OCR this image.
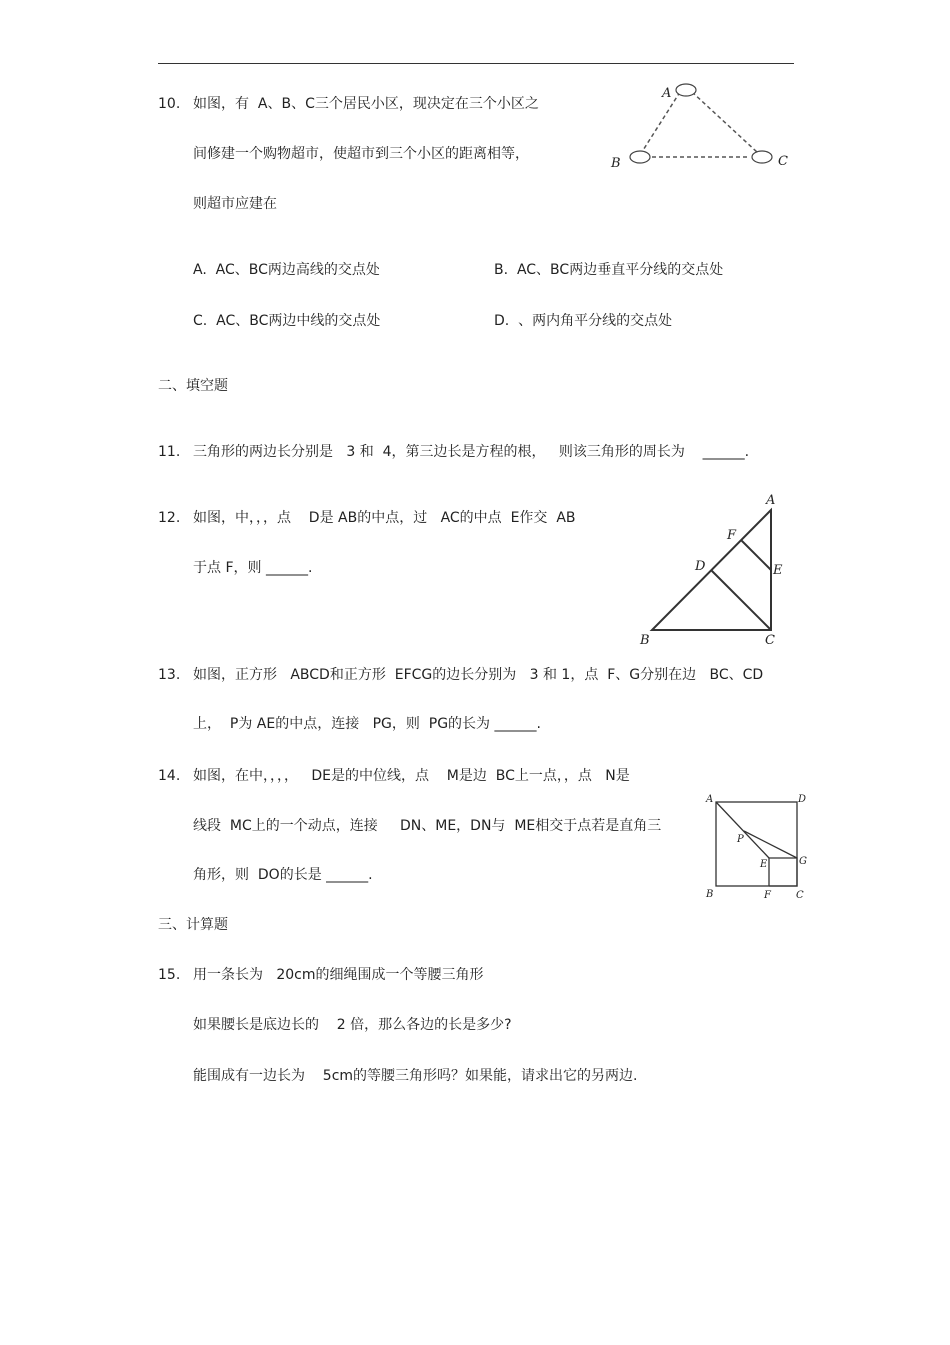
10. 如图，有  A、B、C三个居民小区，现决定在三个小区之
间修建一个购物超市，使超市到三个小区的距离相等，
则超市应建在
A.  AC、BC两边高线的交点处	B.  AC、BC两边垂直平分线的交点处
C.  AC、BC两边中线的交点处	D.  、两内角平分线的交点处
A
B	C
二、填空题
11. 三角形的两边长分别是   3 和  4，第三边长是方程的根，   则该三角形的周长为    ______.
12. 如图，中，，，点    D是 AB的中点，过   AC的中点  E作交  AB
于点 F，则 ______.
A
B	C
D	E
F
13. 如图，正方形   ABCD和正方形  EFCG的边长分别为   3 和 1，点  F、G分别在边   BC、CD
上，  P为 AE的中点，连接   PG，则  PG的长为 ______.
14. 如图，在中，，，，   DE是的中位线，点    M是边  BC上一点，，点   N是
线段  MC上的一个动点，连接     DN、ME，DN与  ME相交于点若是直角三
角形，则  DO的长是 ______.
A	D
B	F	C
G
E
P
三、计算题
15. 用一条长为   20cm的细绳围成一个等腰三角形
如果腰长是底边长的    2 倍，那么各边的长是多少?
能围成有一边长为    5cm的等腰三角形吗？如果能，请求出它的另两边.
